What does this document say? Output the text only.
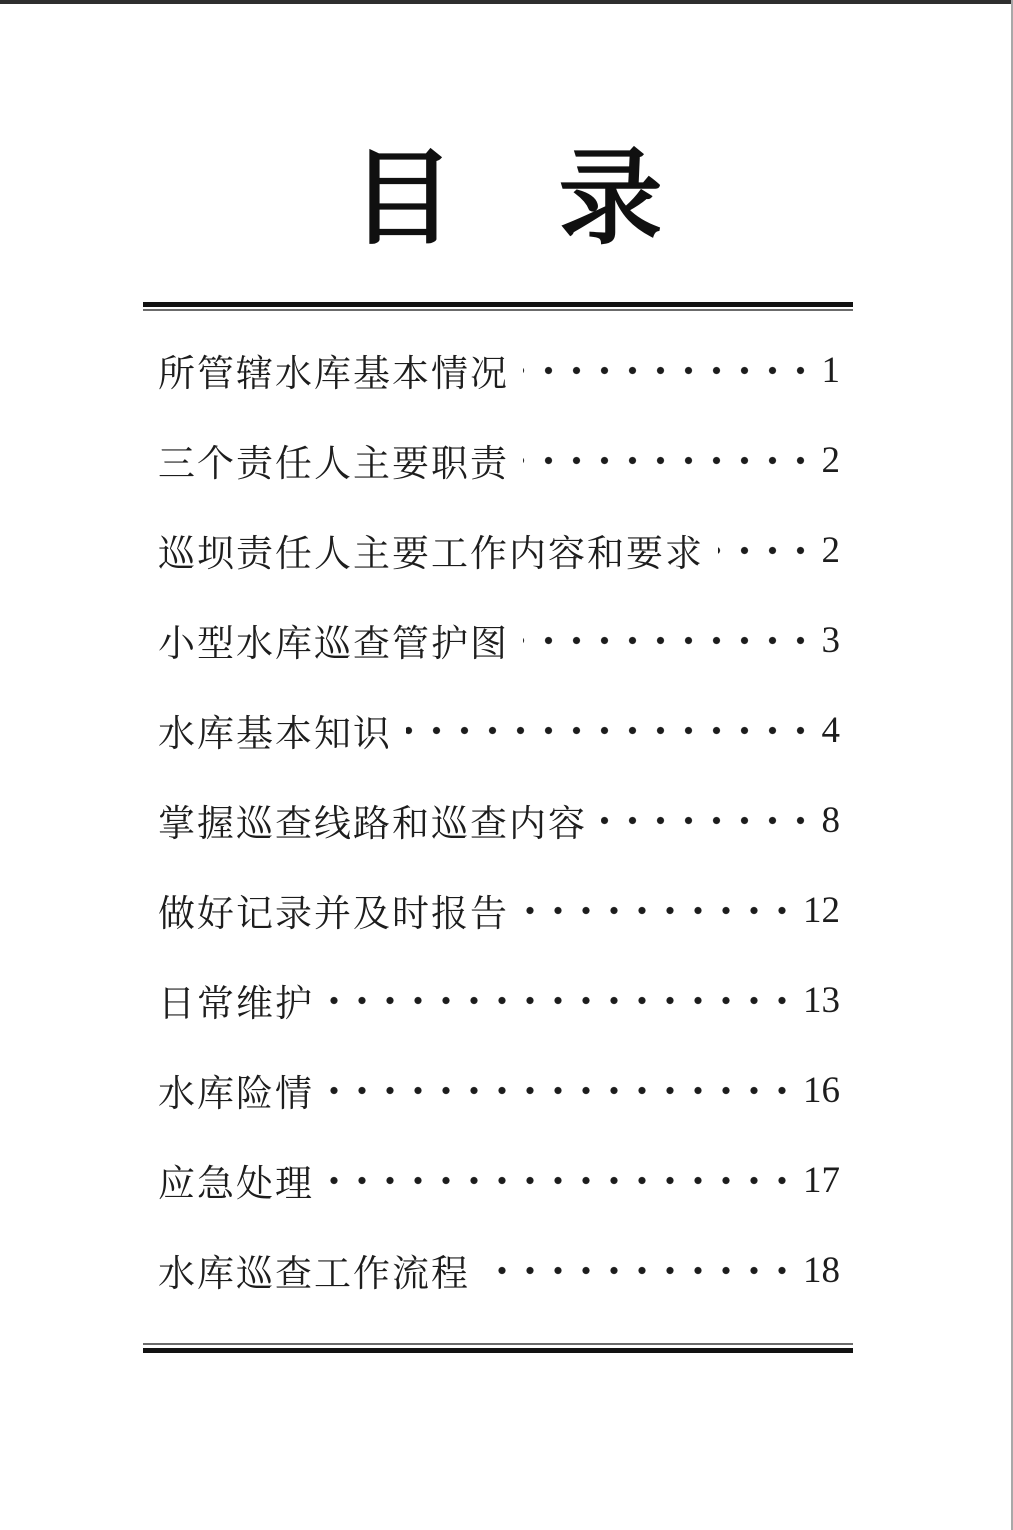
目 录
所管辖水库基本情况	1
三个责任人主要职责	2
巡坝责任人主要工作内容和要求	2
小型水库巡查管护图	3
水库基本知识	4
掌握巡查线路和巡查内容	8
做好记录并及时报告	12
日常维护	13
水库险情	16
应急处理	17
水库巡查工作流程	18
